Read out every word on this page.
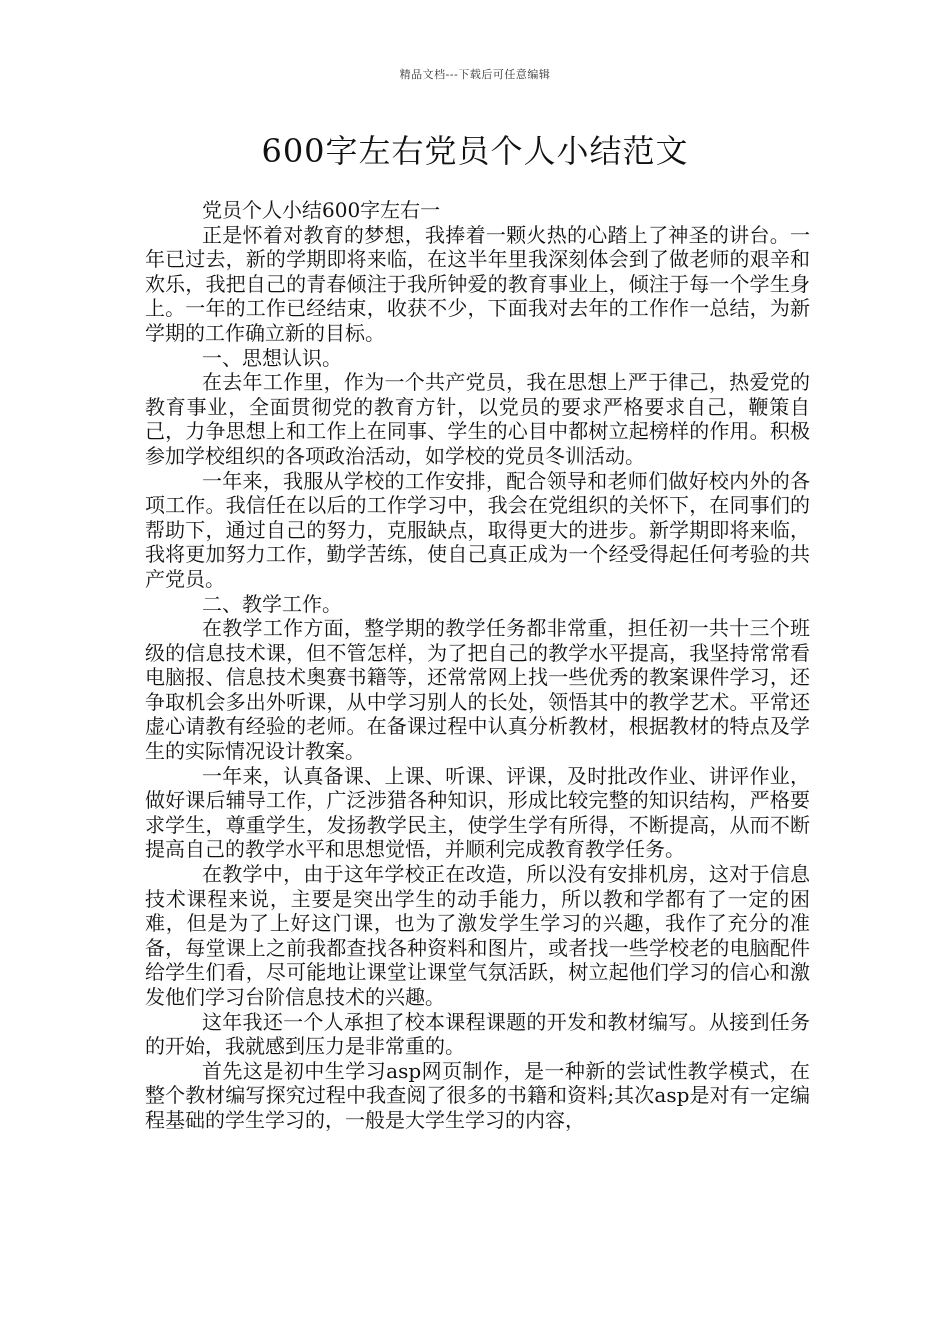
精品文档---下载后可任意编辑
600字左右党员个人小结范文

党员个人小结600字左右一

正是怀着对教育的梦想，我捧着一颗火热的心踏上了神圣的讲台。一年已过去，新的学期即将来临，在这半年里我深刻体会到了做老师的艰辛和欢乐，我把自己的青春倾注于我所钟爱的教育事业上，倾注于每一个学生身上。一年的工作已经结束，收获不少，下面我对去年的工作作一总结，为新学期的工作确立新的目标。

一、思想认识。

在去年工作里，作为一个共产党员，我在思想上严于律己，热爱党的教育事业，全面贯彻党的教育方针，以党员的要求严格要求自己，鞭策自己，力争思想上和工作上在同事、学生的心目中都树立起榜样的作用。积极参加学校组织的各项政治活动，如学校的党员冬训活动。

一年来，我服从学校的工作安排，配合领导和老师们做好校内外的各项工作。我信任在以后的工作学习中，我会在党组织的关怀下，在同事们的帮助下，通过自己的努力，克服缺点，取得更大的进步。新学期即将来临，我将更加努力工作，勤学苦练，使自己真正成为一个经受得起任何考验的共产党员。

二、教学工作。

在教学工作方面，整学期的教学任务都非常重，担任初一共十三个班级的信息技术课，但不管怎样，为了把自己的教学水平提高，我坚持常常看电脑报、信息技术奥赛书籍等，还常常网上找一些优秀的教案课件学习，还争取机会多出外听课，从中学习别人的长处，领悟其中的教学艺术。平常还虚心请教有经验的老师。在备课过程中认真分析教材，根据教材的特点及学生的实际情况设计教案。

一年来，认真备课、上课、听课、评课，及时批改作业、讲评作业，做好课后辅导工作，广泛涉猎各种知识，形成比较完整的知识结构，严格要求学生，尊重学生，发扬教学民主，使学生学有所得，不断提高，从而不断提高自己的教学水平和思想觉悟，并顺利完成教育教学任务。

在教学中，由于这年学校正在改造，所以没有安排机房，这对于信息技术课程来说，主要是突出学生的动手能力，所以教和学都有了一定的困难，但是为了上好这门课，也为了激发学生学习的兴趣，我作了充分的准备，每堂课上之前我都查找各种资料和图片，或者找一些学校老的电脑配件给学生们看，尽可能地让课堂让课堂气氛活跃，树立起他们学习的信心和激发他们学习台阶信息技术的兴趣。

这年我还一个人承担了校本课程课题的开发和教材编写。从接到任务的开始，我就感到压力是非常重的。

首先这是初中生学习asp网页制作，是一种新的尝试性教学模式，在整个教材编写探究过程中我查阅了很多的书籍和资料;其次asp是对有一定编程基础的学生学习的，一般是大学生学习的内容，
